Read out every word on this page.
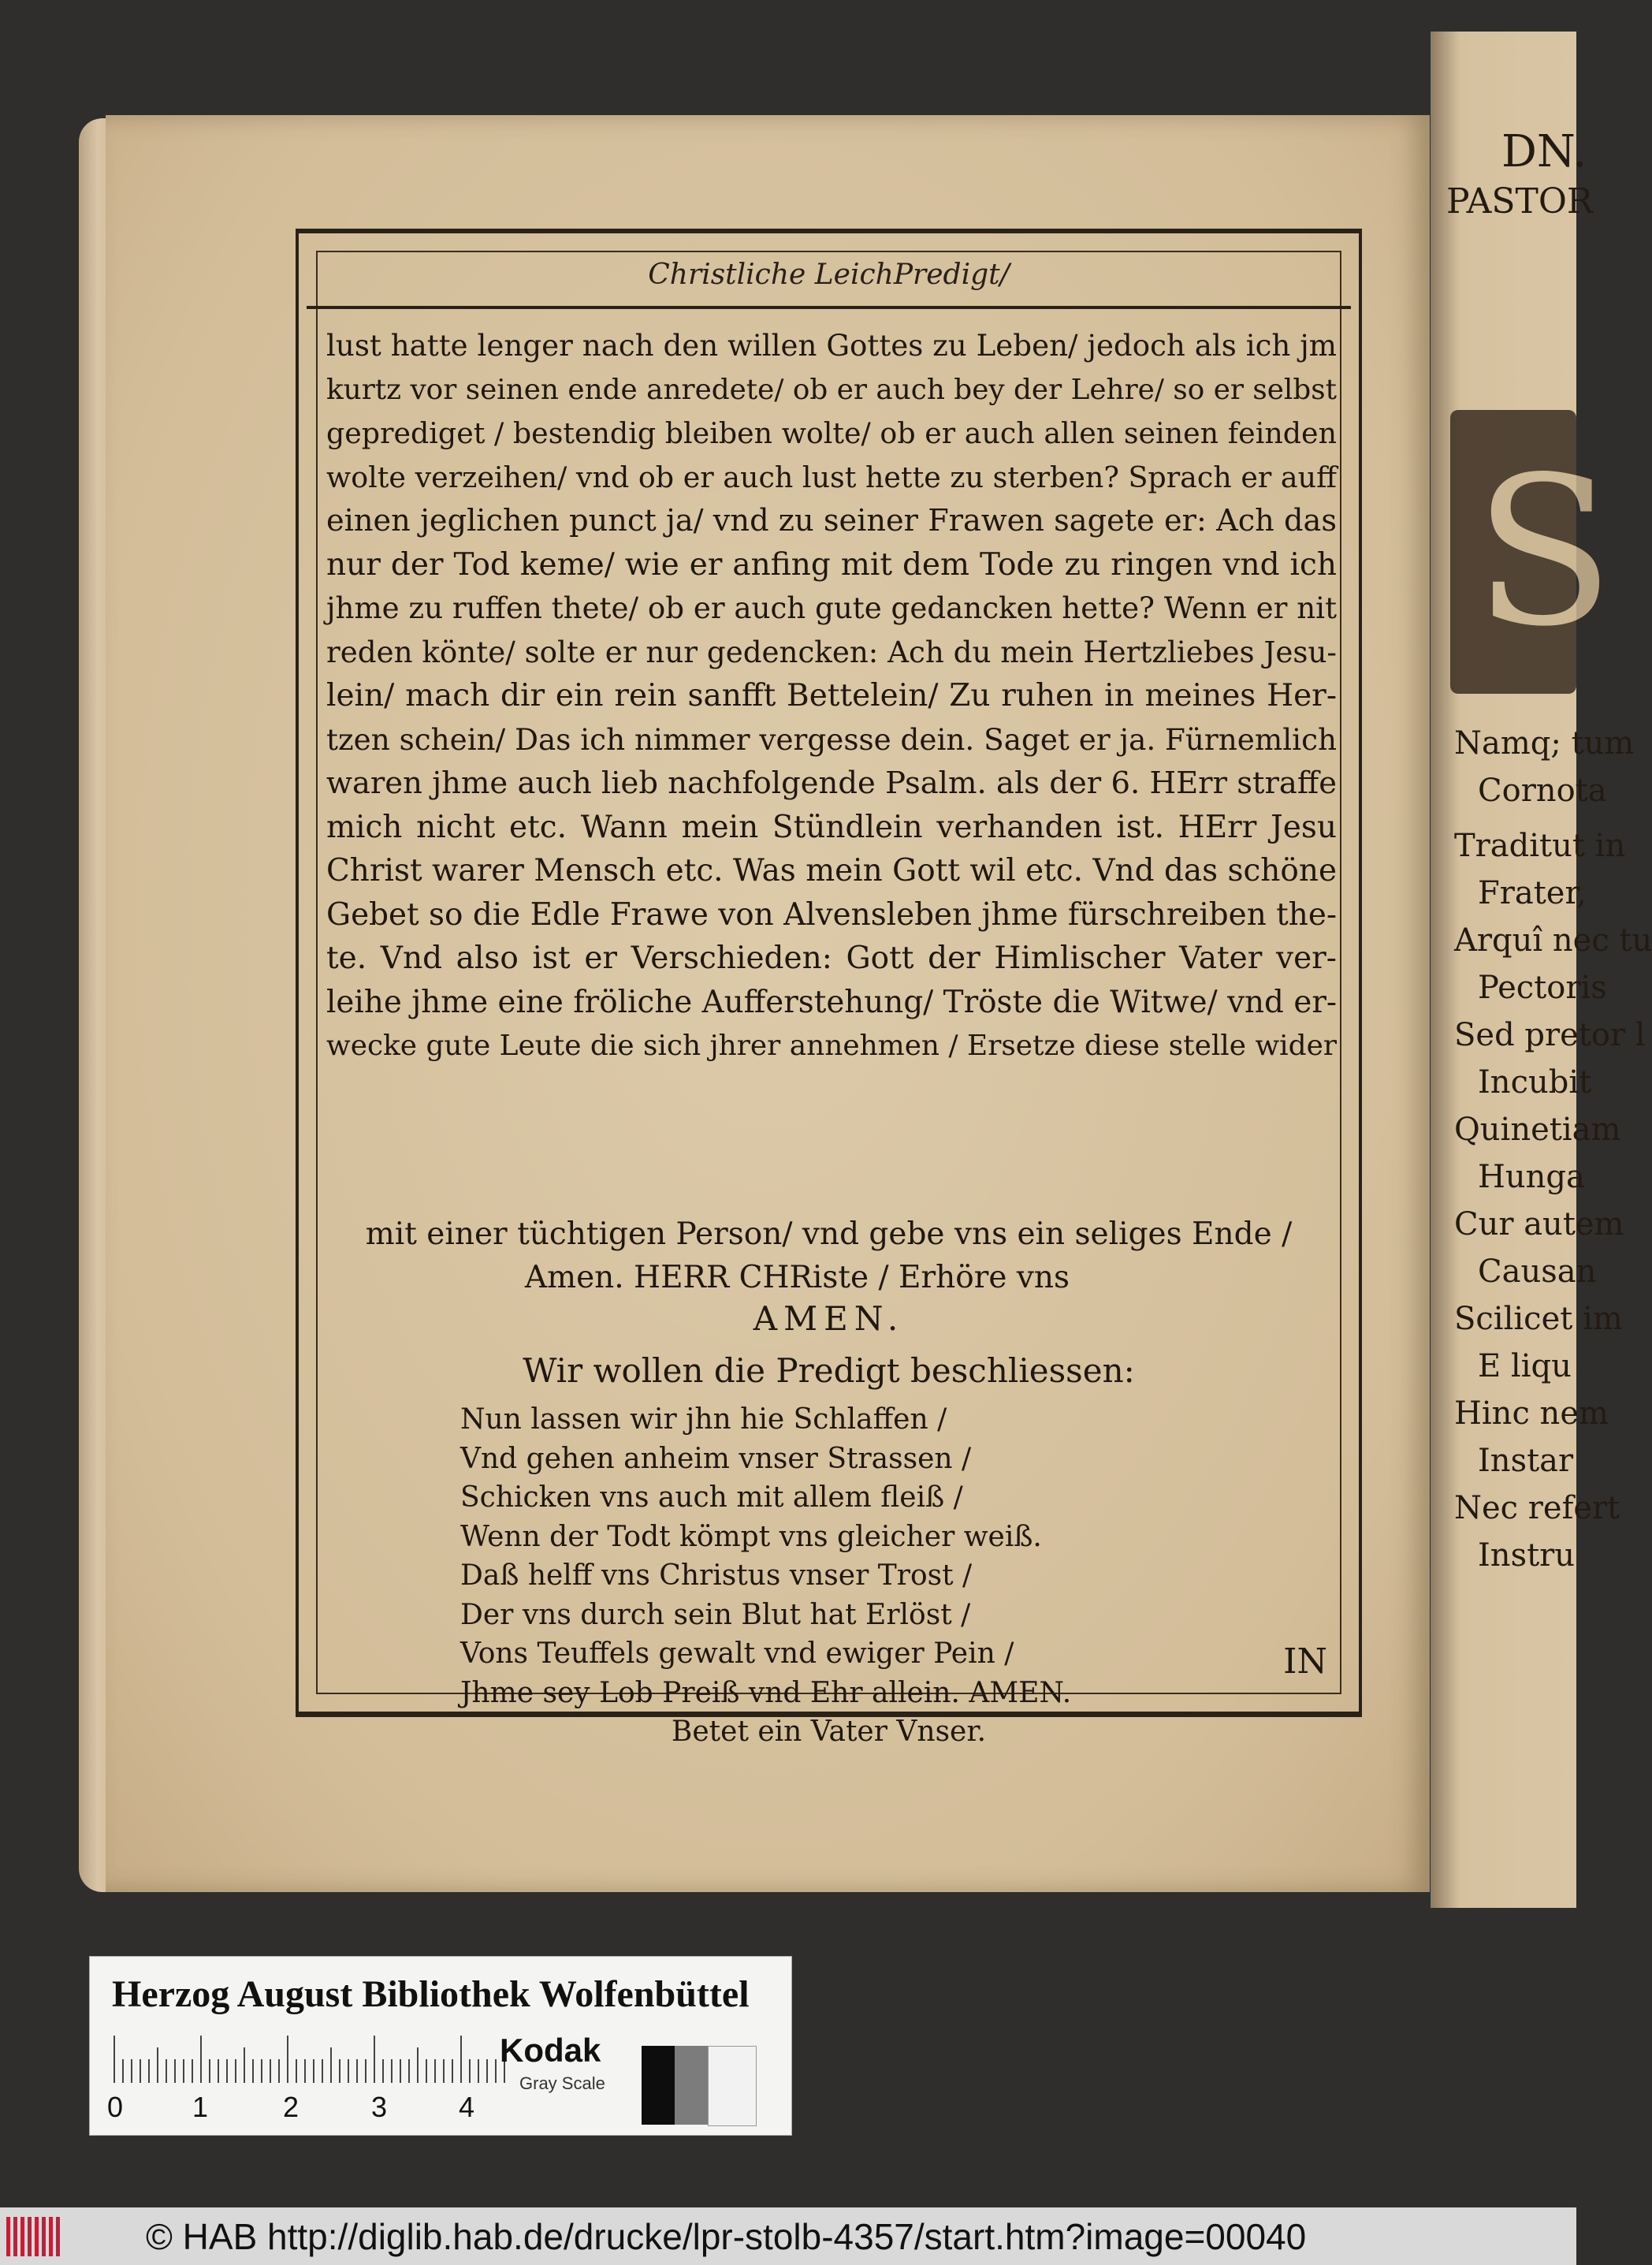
Christliche LeichPredigt/
lust hatte lenger nach den willen Gottes zu Leben/ jedoch als ich jm
kurtz vor seinen ende anredete/ ob er auch bey der Lehre/ so er selbst
geprediget / bestendig bleiben wolte/ ob er auch allen seinen feinden
wolte verzeihen/ vnd ob er auch lust hette zu sterben? Sprach er auff
einen jeglichen punct ja/ vnd zu seiner Frawen sagete er: Ach das
nur der Tod keme/ wie er anfing mit dem Tode zu ringen vnd ich
jhme zu ruffen thete/ ob er auch gute gedancken hette? Wenn er nit
reden könte/ solte er nur gedencken: Ach du mein Hertzliebes Jesu-
lein/ mach dir ein rein sanfft Bettelein/ Zu ruhen in meines Her-
tzen schein/ Das ich nimmer vergesse dein. Saget er ja. Fürnemlich
waren jhme auch lieb nachfolgende Psalm. als der 6. HErr straffe
mich nicht etc. Wann mein Stündlein verhanden ist. HErr Jesu
Christ warer Mensch etc. Was mein Gott wil etc. Vnd das schöne
Gebet so die Edle Frawe von Alvensleben jhme fürschreiben the-
te. Vnd also ist er Verschieden: Gott der Himlischer Vater ver-
leihe jhme eine fröliche Aufferstehung/ Tröste die Witwe/ vnd er-
wecke gute Leute die sich jhrer annehmen / Ersetze diese stelle wider
mit einer tüchtigen Person/ vnd gebe vns ein seliges Ende /
Amen. HERR CHRiste / Erhöre vns
AMEN.
Wir wollen die Predigt beschliessen:
Nun lassen wir jhn hie Schlaffen /
Vnd gehen anheim vnser Strassen /
Schicken vns auch mit allem fleiß /
Wenn der Todt kömpt vns gleicher weiß.
Daß helff vns Christus vnser Trost /
Der vns durch sein Blut hat Erlöst /
Vons Teuffels gewalt vnd ewiger Pein /
Jhme sey Lob Preiß vnd Ehr allein. AMEN.
Betet ein Vater Vnser.
IN
S
DN.
PASTOR
Namq; tum
Cornota
Traditut in
Frater,
Arquî nec tu
Pectoris
Sed pretor l
Incubit
Quinetiam
Hunga
Cur autem
Causan
Scilicet im
E liqu
Hinc nem
Instar
Nec refert
Instru
Herzog August Bibliothek Wolfenbüttel
0 1	2	3	4
Kodak
Gray Scale
© HAB http://diglib.hab.de/drucke/lpr-stolb-4357/start.htm?image=00040
